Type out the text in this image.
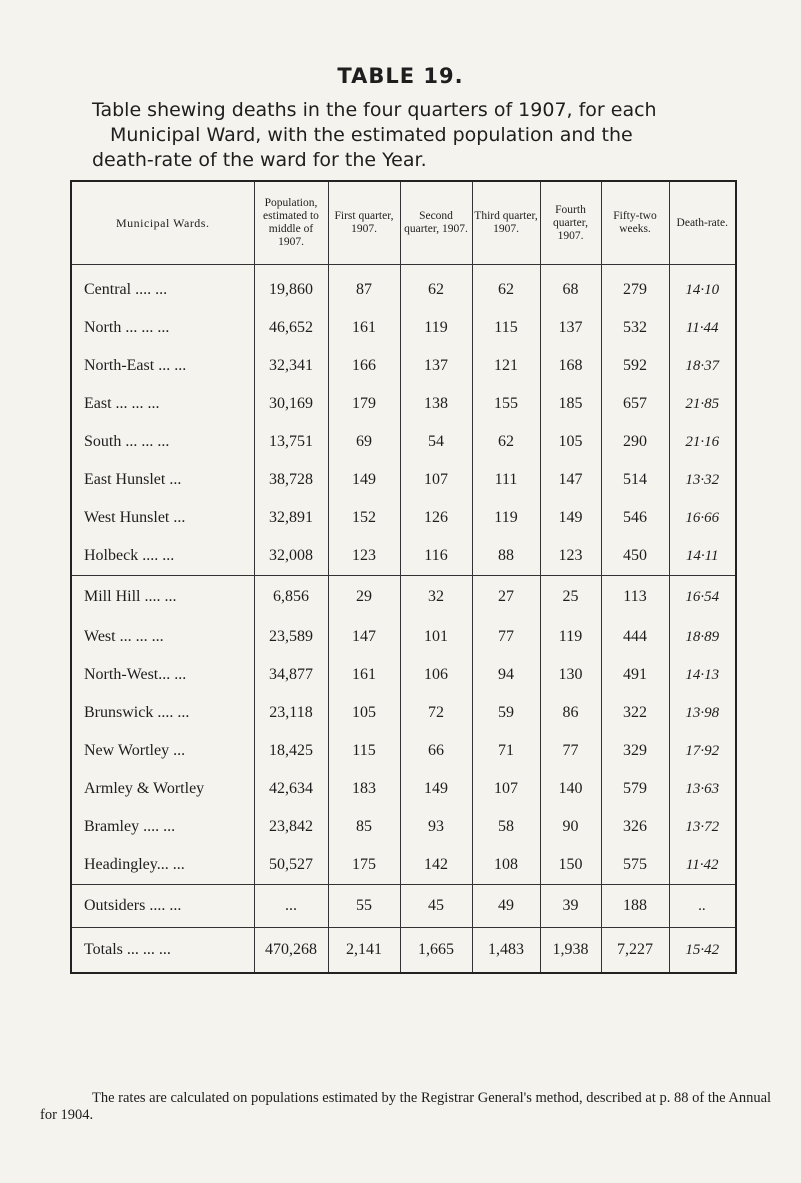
TABLE 19.
Table shewing deaths in the four quarters of 1907, for each
Municipal Ward, with the estimated population and the
death-rate of the ward for the Year.
Municipal Wards.	Population, estimated to middle of 1907.	First quarter, 1907.	Second quarter, 1907.	Third quarter, 1907.	Fourth quarter, 1907.	Fifty-two weeks.	Death-rate.
Central .... ...	19,860	87	62	62	68	279	14·10
North ... ... ...	46,652	161	119	115	137	532	11·44
North-East ... ...	32,341	166	137	121	168	592	18·37
East ... ... ...	30,169	179	138	155	185	657	21·85
South ... ... ...	13,751	69	54	62	105	290	21·16
East Hunslet ...	38,728	149	107	111	147	514	13·32
West Hunslet ...	32,891	152	126	119	149	546	16·66
Holbeck .... ...	32,008	123	116	88	123	450	14·11
Mill Hill .... ...	6,856	29	32	27	25	113	16·54
West ... ... ...	23,589	147	101	77	119	444	18·89
North-West... ...	34,877	161	106	94	130	491	14·13
Brunswick .... ...	23,118	105	72	59	86	322	13·98
New Wortley ...	18,425	115	66	71	77	329	17·92
Armley & Wortley	42,634	183	149	107	140	579	13·63
Bramley .... ...	23,842	85	93	58	90	326	13·72
Headingley... ...	50,527	175	142	108	150	575	11·42
Outsiders .... ...	...	55	45	49	39	188	..
Totals ... ... ...	470,268	2,141	1,665	1,483	1,938	7,227	15·42
The rates are calculated on populations estimated by the Registrar General's method, described at p. 88 of the Annual for 1904.
